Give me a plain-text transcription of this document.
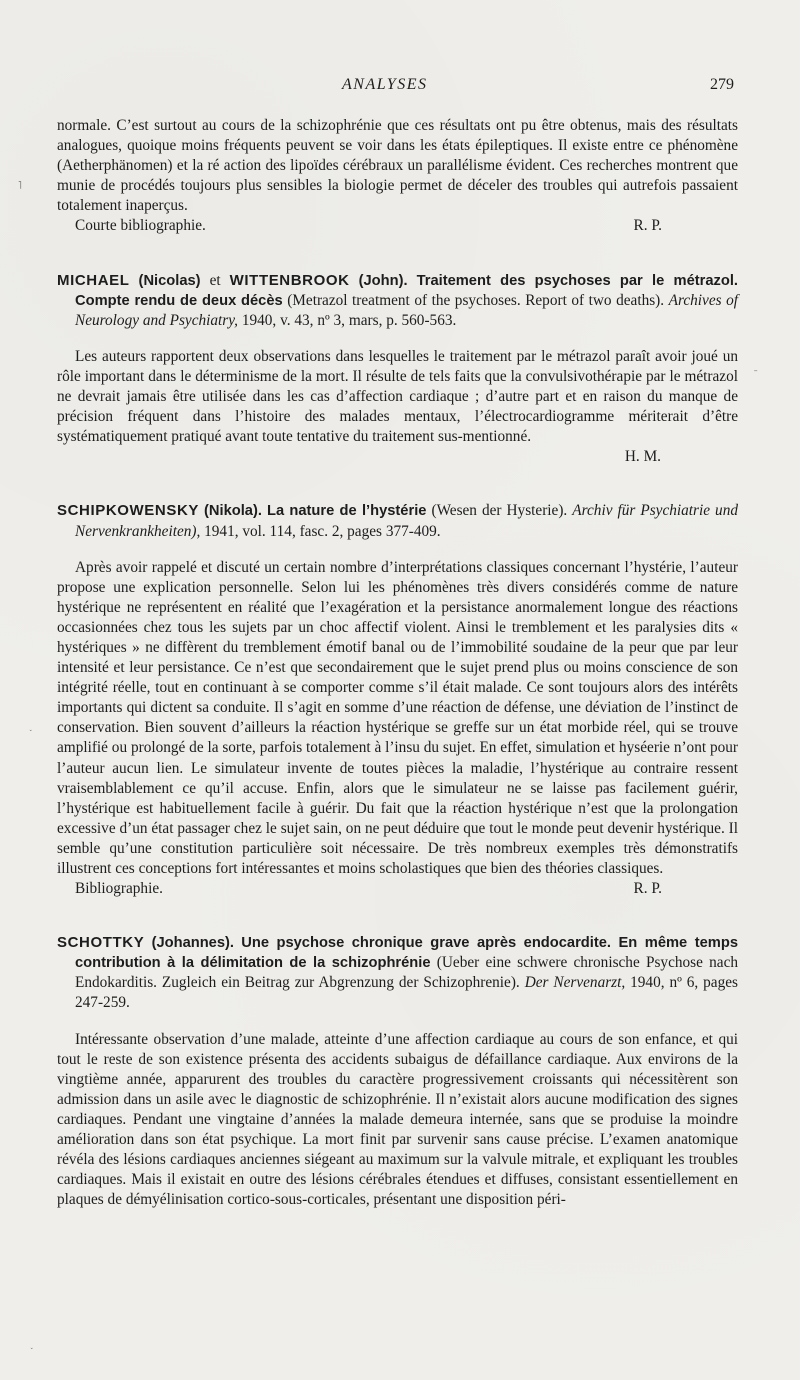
ANALYSES	279

normale. C’est surtout au cours de la schizophrénie que ces résultats ont pu être obtenus, mais des résultats analogues, quoique moins fréquents peuvent se voir dans les états épileptiques. Il existe entre ce phénomène (Aetherphänomen) et la ré action des lipoïdes cérébraux un parallélisme évident. Ces recherches montrent que munie de procédés toujours plus sensibles la biologie permet de déceler des troubles qui autrefois passaient totalement inaperçus.

Courte bibliographie.	R. P.

MICHAEL (Nicolas) et WITTENBROOK (John). Traitement des psychoses par le métrazol. Compte rendu de deux décès (Metrazol treatment of the psychoses. Report of two deaths). Archives of Neurology and Psychiatry, 1940, v. 43, nº 3, mars, p. 560-563.

Les auteurs rapportent deux observations dans lesquelles le traitement par le métrazol paraît avoir joué un rôle important dans le déterminisme de la mort. Il résulte de tels faits que la convulsivothérapie par le métrazol ne devrait jamais être utilisée dans les cas d’affection cardiaque ; d’autre part et en raison du manque de précision fréquent dans l’histoire des malades mentaux, l’électrocardiogramme mériterait d’être systématiquement pratiqué avant toute tentative du traitement sus-mentionné.

H. M.

SCHIPKOWENSKY (Nikola). La nature de l’hystérie (Wesen der Hysterie). Archiv für Psychiatrie und Nervenkrankheiten), 1941, vol. 114, fasc. 2, pages 377-409.

Après avoir rappelé et discuté un certain nombre d’interprétations classiques concernant l’hystérie, l’auteur propose une explication personnelle. Selon lui les phénomènes très divers considérés comme de nature hystérique ne représentent en réalité que l’exagération et la persistance anormalement longue des réactions occasionnées chez tous les sujets par un choc affectif violent. Ainsi le tremblement et les paralysies dits « hystériques » ne diffèrent du tremblement émotif banal ou de l’immobilité soudaine de la peur que par leur intensité et leur persistance. Ce n’est que secondairement que le sujet prend plus ou moins conscience de son intégrité réelle, tout en continuant à se comporter comme s’il était malade. Ce sont toujours alors des intérêts importants qui dictent sa conduite. Il s’agit en somme d’une réaction de défense, une déviation de l’instinct de conservation. Bien souvent d’ailleurs la réaction hystérique se greffe sur un état morbide réel, qui se trouve amplifié ou prolongé de la sorte, parfois totalement à l’insu du sujet. En effet, simulation et hyséerie n’ont pour l’auteur aucun lien. Le simulateur invente de toutes pièces la maladie, l’hystérique au contraire ressent vraisemblablement ce qu’il accuse. Enfin, alors que le simulateur ne se laisse pas facilement guérir, l’hystérique est habituellement facile à guérir. Du fait que la réaction hystérique n’est que la prolongation excessive d’un état passager chez le sujet sain, on ne peut déduire que tout le monde peut devenir hystérique. Il semble qu’une constitution particulière soit nécessaire. De très nombreux exemples très démonstratifs illustrent ces conceptions fort intéressantes et moins scholastiques que bien des théories classiques.

Bibliographie.	R. P.

SCHOTTKY (Johannes). Une psychose chronique grave après endocardite. En même temps contribution à la délimitation de la schizophrénie (Ueber eine schwere chronische Psychose nach Endokarditis. Zugleich ein Beitrag zur Abgrenzung der Schizophrenie). Der Nervenarzt, 1940, nº 6, pages 247-259.

Intéressante observation d’une malade, atteinte d’une affection cardiaque au cours de son enfance, et qui tout le reste de son existence présenta des accidents subaigus de défaillance cardiaque. Aux environs de la vingtième année, apparurent des troubles du caractère progressivement croissants qui nécessitèrent son admission dans un asile avec le diagnostic de schizophrénie. Il n’existait alors aucune modification des signes cardiaques. Pendant une vingtaine d’années la malade demeura internée, sans que se produise la moindre amélioration dans son état psychique. La mort finit par survenir sans cause précise. L’examen anatomique révéla des lésions cardiaques anciennes siégeant au maximum sur la valvule mitrale, et expliquant les troubles cardiaques. Mais il existait en outre des lésions cérébrales étendues et diffuses, consistant essentiellement en plaques de démyélinisation cortico-sous-corticales, présentant une disposition péri-

˥
˯
˗
˯
